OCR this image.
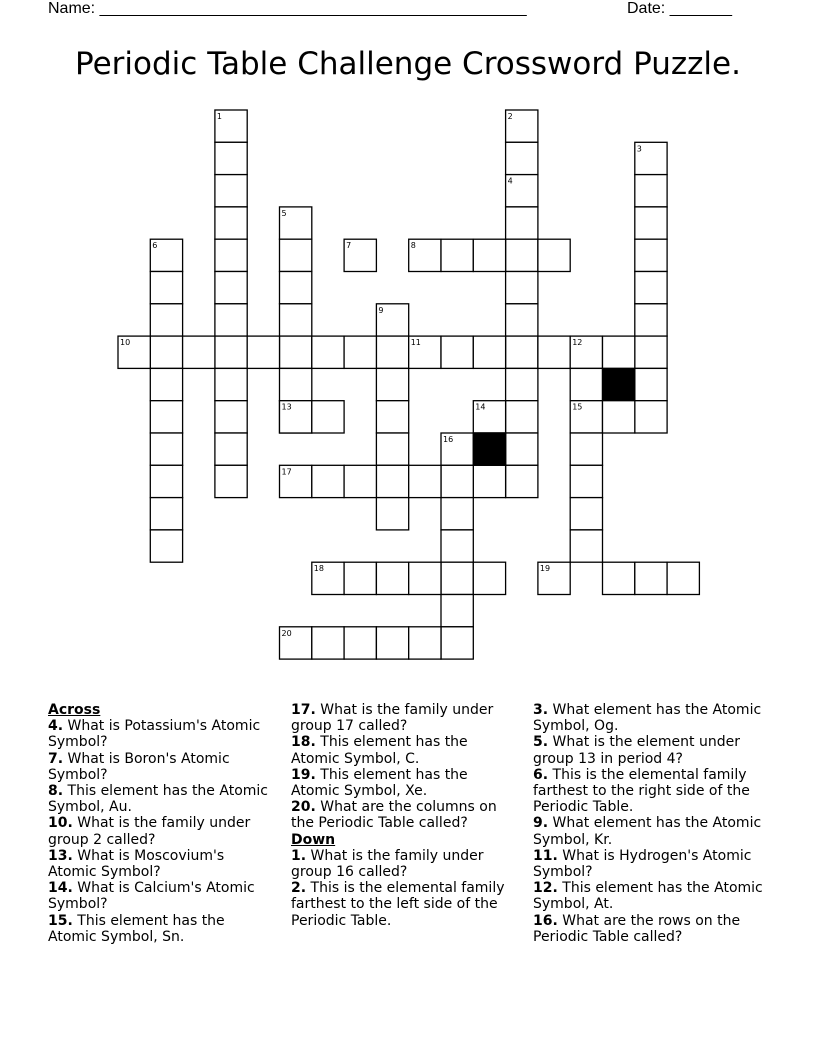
Name: ________________________________________________	Date: _______
Periodic Table Challenge Crossword Puzzle.
1	2
4
3
5
6	7	8
9
10	11	12
13	14	15
16
17
18	19
20
Across
4. What is Potassium's Atomic Symbol?
7. What is Boron's Atomic Symbol?
8. This element has the Atomic Symbol, Au.
10. What is the family under group 2 called?
13. What is Moscovium's Atomic Symbol?
14. What is Calcium's Atomic Symbol?
15. This element has the Atomic Symbol, Sn.
17. What is the family under group 17 called?
18. This element has the Atomic Symbol, C.
19. This element has the Atomic Symbol, Xe.
20. What are the columns on the Periodic Table called?
Down
1. What is the family under group 16 called?
2. This is the elemental family farthest to the left side of the Periodic Table.
3. What element has the Atomic Symbol, Og.
5. What is the element under group 13 in period 4?
6. This is the elemental family farthest to the right side of the Periodic Table.
9. What element has the Atomic Symbol, Kr.
11. What is Hydrogen's Atomic Symbol?
12. This element has the Atomic Symbol, At.
16. What are the rows on the Periodic Table called?
